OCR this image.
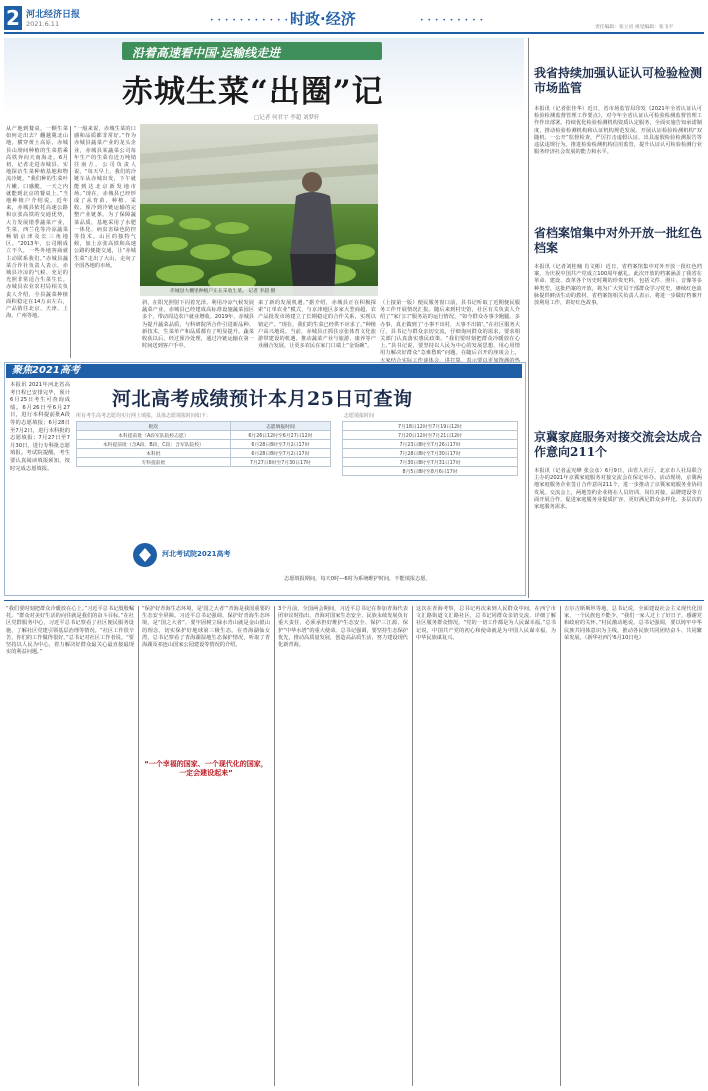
2 河北经济日报
2021.6.11	• • • • • • • • • • • •
时政·经济	• • • • • • • • •
责任编辑：张立岩 视觉编辑：张飞平
沿着高速看中国·运输线走进
赤城生菜“出圈”记
□记者 何君宇 李超 刘梦轩
从产地到餐桌，一颗生菜如何走出去？翻越冀北山地，横穿黄土高原，赤城县山坳间种植的生菜搭乘高铁奔向天南海北。6月初，记者走进赤城县，实地探访生菜种植基地和物流冷链。“我们种的生菜叶片嫩、口感脆，一天之内就能到北京的餐桌上。”当地种植户介绍说。近年来，赤城县依托高速公路和京张高铁的交通优势，大力发展错季蔬菜产业，生菜、西兰花等冷凉蔬菜畅销京津及长三角地区。“2013年，公司刚成立不久，一些外地客商就主动联系我们。”赤城县蔬菜合作社负责人表示，赤城县冷凉的气候、充足的光照非常适合生菜生长。赤城县农业农村局相关负责人介绍，全县蔬菜种植面积稳定在14万亩左右，产品销往北京、天津、上海、广州等地。
“一般来说，赤城生菜的口感和品质都非常好。”作为赤城县蔬菜产业的龙头企业，赤城县某蔬菜公司每年生产的生菜有近万吨销往南方。公司负责人说，“每天早上，我们的冷链车从赤城出发，下午就能到达北京新发地市场。”现在，赤城县已经形成了从育苗、种植、采收、预冷到冷链运输的完整产业链条。为了保障蔬菜品质，基地采用了水肥一体化、病虫害绿色防控等技术。山区的独特气候，加上京张高铁和高速公路的便捷交通，让“赤城生菜”走出了大山，走向了全国各地的市场。
赤城县大棚里种植户正在采收生菜。 记者 李超 摄
斜，在阳光照射下闪着光泽。利用冷凉气候发展蔬菜产业，赤城县已经建成高标准设施蔬菜园区多个，带动周边农户就业增收。2019年，赤城县为提升蔬菜品质，与科研院所合作引进新品种、新技术，生菜单产和品质都有了明显提升。蔬菜收获以后，经过预冷处理，通过冷链运输在第一时间送到客户手中。
来了新的发展机遇。”据介绍，赤城县正在积极探索“订单农业”模式，与京津地区多家大型商超、农产品批发市场建立了长期稳定的合作关系，实现以销定产。“现在，我们的生菜已经供不应求了。”种植户高兴地说。当前，赤城县正抓住京张体育文化旅游带建设的机遇，推动蔬菜产业与旅游、康养等产业融合发展，让更多农民在家门口端上“金饭碗”。
（上接第一版）便民服务窗口前，县书记听取了近期便民服务工作开展情况汇报。随后来到村史馆，社区有关负责人介绍了“家门口”服务站的运行情况。“如今群众办事少跑腿、多办事，真正做到了‘小事不出村，大事不出镇’。”在社区服务大厅，县书记与群众亲切交流，仔细询问群众的需求，要求相关部门认真落实惠民政策。“我们要时刻把群众冷暖放在心上。”县书记说，要坚持以人民为中心的发展思想，用心用情用力解决好群众“急难愁盼”问题。在随后召开的座谈会上，大家结合实际工作谈体会，讲打算，表示要以更加饱满的热
聚焦2021高考
本报讯 2021年河北省高考日程已安排完毕，预计6月25日考生可查询成绩。6月26日至6月27日，进行本科提前批A段等的志愿填报；6月28日至7月2日，进行本科批的志愿填报；7月27日至7月30日，进行专科批志愿填报。考试院提醒，考生要认真阅读填报须知，按时完成志愿填报。
河北高考成绩预计本月25日可查询
所有考生高考志愿均实行网上填报，具体志愿填报时间如下：
批次	志愿填报时间
本科提前批（A段军队院校志愿）	6月26日12时至6月27日12时
本科提前批（含A段、B段、C段；含军队院校）	6月28日8时至7月2日17时
本科批	6月28日8时至7月2日17时
专科提前批	7月27日8时至7月30日17时
河北考试院2021高考
志愿填报时间
7月18日12时至7月19日12时
7月20日12时至7月21日12时
7月23日8时至7月26日17时
7月28日8时至7月30日17时
7月30日8时至7月31日17时
8月5日8时至8月6日17时
志愿填报期间，每天0时—6时为系统维护时间，不能填报志愿。
我省持续加强认证认可检验检测市场监管
本报讯（记者张佳华）近日，省市场监管局印发《2021年全省认证认可检验检测监督管理工作要点》，对今年全省认证认可检验检测监督管理工作作出部署。持续优化检验检测机构资质认定服务，全面实施告知承诺制度，推动检验检测机构和认证机构规范发展。开展认证检验检测机构“双随机、一公开”监督检查，严厉打击虚假认证、出具虚假检验检测报告等违法违规行为。推进检验检测机构信用监管，提升认证认可检验检测行业服务经济社会发展的能力和水平。
省档案馆集中对外开放一批红色档案
本报讯（记者刘桂楠 肖文彬）近日，省档案馆集中对外开放一批红色档案，为庆祝中国共产党成立100周年献礼。此次开放的档案涵盖了我省在革命、建设、改革各个历史时期的珍贵史料，包括文件、照片、音像等多种类型。这批档案的开放，将为广大党员干部群众学习党史、赓续红色血脉提供鲜活生动的教材。省档案馆相关负责人表示，将进一步做好档案开放利用工作，讲好红色故事。
京冀家庭服务对接交流会达成合作意向211个
本报讯（记者孟宪峰 张会彦）6月9日，由省人社厅、北京市人社局联合主办的2021年京冀家庭服务对接交流会在保定举办。活动现场，京冀两地家庭服务企业签订合作意向211个，进一步推动了京冀家庭服务业协同发展。交流会上，两地签约企业将在人员培训、岗位对接、品牌建设等方面开展合作，促进家庭服务业提质扩容，更好满足群众多样化、多层次的家庭服务需求。
“我们要时刻把群众冷暖放在心上。”习近平总书记殷殷嘱托。“群众对美好生活的向往就是我们的奋斗目标。”在社区党群服务中心，习近平总书记察看了社区便民服务设施，了解社区党建引领基层治理等情况。“社区工作很辛苦，你们的工作做得很好。”总书记对社区工作者说。“要坚持以人民为中心，着力解决好群众最关心最直接最现实的利益问题。”
“一个幸福的国家、一个现代化的国家，一定会建设起来”
“保护好青海生态环境，是‘国之大者’”青海是我国重要的生态安全屏障。习近平总书记强调，保护好青海生态环境，是“国之大者”。要牢固树立绿水青山就是金山银山的理念，切实保护好地球第三极生态。在青海湖仙女湾，总书记察看了青海湖湿地生态保护情况，听取了青海湖及祁连山国家公园建设等情况的介绍。
3个月前，全国两会期间，习近平总书记在参加青海代表团审议时指出，青海对国家生态安全、民族永续发展负有重大责任，必须承担好维护生态安全、保护三江源、保护“中华水塔”的重大使命。总书记强调，要坚持生态保护优先，推动高质量发展，创造高品质生活，努力建设现代化新青海。
这次在青海考察，总书记再次来到人民群众中间。在西宁市文汇路街道文汇路社区，总书记同群众亲切交流，详细了解社区服务群众情况。“党的一切工作都是为人民谋幸福。”总书记说，中国共产党的初心和使命就是为中国人民谋幸福，为中华民族谋复兴。
吉尔吉斯斯坦等地。总书记说，全面建设社会主义现代化国家，一个民族也不能少。“我们一家人过上了好日子，感谢党和政府的关怀。”村民激动地说。总书记强调，要以铸牢中华民族共同体意识为主线，推动各民族共同团结奋斗、共同繁荣发展。（新华社西宁6月10日电）
